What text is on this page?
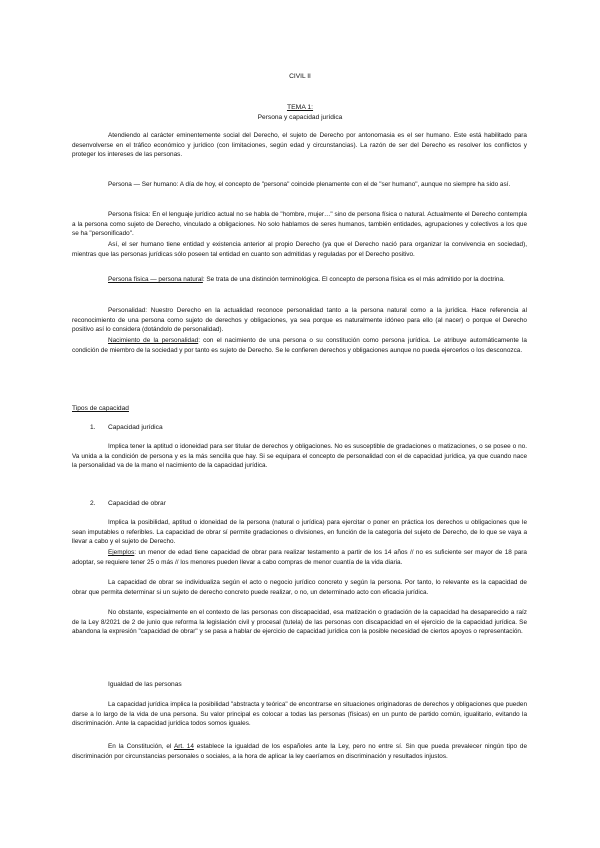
CIVIL II
TEMA 1:
Persona y capacidad jurídica

Atendiendo al carácter eminentemente social del Derecho, el sujeto de Derecho por antonomasia es el ser humano. Este está habilitado para desenvolverse en el tráfico económico y jurídico (con limitaciones, según edad y circunstancias). La razón de ser del Derecho es resolver los conflictos y proteger los intereses de las personas.

Persona — Ser humano: A día de hoy, el concepto de "persona" coincide plenamente con el de "ser humano", aunque no siempre ha sido así.

Persona física: En el lenguaje jurídico actual no se habla de "hombre, mujer…" sino de persona física o natural. Actualmente el Derecho contempla a la persona como sujeto de Derecho, vinculado a obligaciones. No solo hablamos de seres humanos, también entidades, agrupaciones y colectivos a los que se ha "personificado".

Así, el ser humano tiene entidad y existencia anterior al propio Derecho (ya que el Derecho nació para organizar la convivencia en sociedad), mientras que las personas jurídicas sólo poseen tal entidad en cuanto son admitidas y reguladas por el Derecho positivo.

Persona física — persona natural: Se trata de una distinción terminológica. El concepto de persona física es el más admitido por la doctrina.

Personalidad: Nuestro Derecho en la actualidad reconoce personalidad tanto a la persona natural como a la jurídica. Hace referencia al reconocimiento de una persona como sujeto de derechos y obligaciones, ya sea porque es naturalmente idóneo para ello (al nacer) o porque el Derecho positivo así lo considera (dotándolo de personalidad).

Nacimiento de la personalidad: con el nacimiento de una persona o su constitución como persona jurídica. Le atribuye automáticamente la condición de miembro de la sociedad y por tanto es sujeto de Derecho. Se le confieren derechos y obligaciones aunque no pueda ejercerlos o los desconozca.

Tipos de capacidad
1. Capacidad jurídica

Implica tener la aptitud o idoneidad para ser titular de derechos y obligaciones. No es susceptible de gradaciones o matizaciones, o se posee o no. Va unida a la condición de persona y es la más sencilla que hay. Si se equipara el concepto de personalidad con el de capacidad jurídica, ya que cuando nace la personalidad va de la mano el nacimiento de la capacidad jurídica.

2. Capacidad de obrar

Implica la posibilidad, aptitud o idoneidad de la persona (natural o jurídica) para ejercitar o poner en práctica los derechos u obligaciones que le sean imputables o referibles. La capacidad de obrar sí permite gradaciones o divisiones, en función de la categoría del sujeto de Derecho, de lo que se vaya a llevar a cabo y el sujeto de Derecho.

Ejemplos: un menor de edad tiene capacidad de obrar para realizar testamento a partir de los 14 años // no es suficiente ser mayor de 18 para adoptar, se requiere tener 25 o más // los menores pueden llevar a cabo compras de menor cuantía de la vida diaria.

La capacidad de obrar se individualiza según el acto o negocio jurídico concreto y según la persona. Por tanto, lo relevante es la capacidad de obrar que permita determinar si un sujeto de derecho concreto puede realizar, o no, un determinado acto con eficacia jurídica.

No obstante, especialmente en el contexto de las personas con discapacidad, esa matización o gradación de la capacidad ha desaparecido a raíz de la Ley 8/2021 de 2 de junio que reforma la legislación civil y procesal (tutela) de las personas con discapacidad en el ejercicio de la capacidad jurídica. Se abandona la expresión "capacidad de obrar" y se pasa a hablar de ejercicio de capacidad jurídica con la posible necesidad de ciertos apoyos o representación.

Igualdad de las personas

La capacidad jurídica implica la posibilidad "abstracta y teórica" de encontrarse en situaciones originadoras de derechos y obligaciones que pueden darse a lo largo de la vida de una persona. Su valor principal es colocar a todas las personas (físicas) en un punto de partido común, igualitario, evitando la discriminación. Ante la capacidad jurídica todos somos iguales.

En la Constitución, el Art. 14 establece la igualdad de los españoles ante la Ley, pero no entre sí. Sin que pueda prevalecer ningún tipo de discriminación por circunstancias personales o sociales, a la hora de aplicar la ley caeríamos en discriminación y resultados injustos.
